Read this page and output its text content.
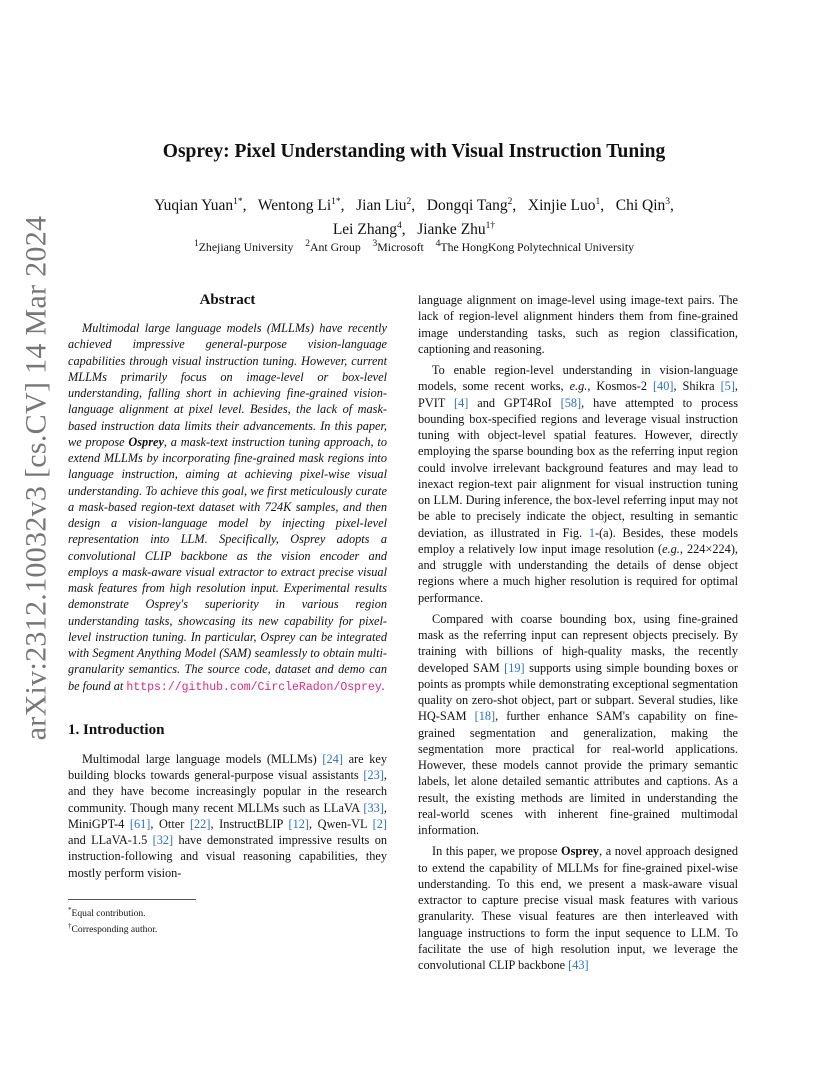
arXiv:2312.10032v3 [cs.CV] 14 Mar 2024
Osprey: Pixel Understanding with Visual Instruction Tuning
Yuqian Yuan$^{1*}$,  Wentong $Li^{1*}$,  Jian Liu$^2$,  Dongqi Tang$^2$,  Xinjie Luo$^1$,  Chi Qin$^3$,
Lei Zhang$^4$,  Jianke Zhu$^{1\dagger}$
$^1$Zhejiang University  $^2$Ant Group  $^3$Microsoft  $^4$The HongKong Polytechnical University
Abstract

Multimodal large language models (MLLMs) have recently achieved impressive general-purpose vision-language capabilities through visual instruction tuning. However, current MLLMs primarily focus on image-level or box-level understanding, falling short in achieving fine-grained vision-language alignment at pixel level. Besides, the lack of mask-based instruction data limits their advancements. In this paper, we propose Osprey, a mask-text instruction tuning approach, to extend MLLMs by incorporating fine-grained mask regions into language instruction, aiming at achieving pixel-wise visual understanding. To achieve this goal, we first meticulously curate a mask-based region-text dataset with 724K samples, and then design a vision-language model by injecting pixel-level representation into LLM. Specifically, Osprey adopts a convolutional CLIP backbone as the vision encoder and employs a mask-aware visual extractor to extract precise visual mask features from high resolution input. Experimental results demonstrate Osprey's superiority in various region understanding tasks, showcasing its new capability for pixel-level instruction tuning. In particular, Osprey can be integrated with Segment Anything Model (SAM) seamlessly to obtain multi-granularity semantics. The source code, dataset and demo can be found at https://github.com/CircleRadon/Osprey.

1. Introduction

Multimodal large language models (MLLMs) [24] are key building blocks towards general-purpose visual assistants [23], and they have become increasingly popular in the research community. Though many recent MLLMs such as LLaVA [33], MiniGPT-4 [61], Otter [22], InstructBLIP [12], Qwen-VL [2] and LLaVA-1.5 [32] have demonstrated impressive results on instruction-following and visual reasoning capabilities, they mostly perform vision-

*Equal contribution.

†Corresponding author.

language alignment on image-level using image-text pairs. The lack of region-level alignment hinders them from fine-grained image understanding tasks, such as region classification, captioning and reasoning.

To enable region-level understanding in vision-language models, some recent works, e.g., Kosmos-2 [40], Shikra [5], PVIT [4] and GPT4RoI [58], have attempted to process bounding box-specified regions and leverage visual instruction tuning with object-level spatial features. However, directly employing the sparse bounding box as the referring input region could involve irrelevant background features and may lead to inexact region-text pair alignment for visual instruction tuning on LLM. During inference, the box-level referring input may not be able to precisely indicate the object, resulting in semantic deviation, as illustrated in Fig. 1-(a). Besides, these models employ a relatively low input image resolution (e.g., 224×224), and struggle with understanding the details of dense object regions where a much higher resolution is required for optimal performance.

Compared with coarse bounding box, using fine-grained mask as the referring input can represent objects precisely. By training with billions of high-quality masks, the recently developed SAM [19] supports using simple bounding boxes or points as prompts while demonstrating exceptional segmentation quality on zero-shot object, part or subpart. Several studies, like HQ-SAM [18], further enhance SAM's capability on fine-grained segmentation and generalization, making the segmentation more practical for real-world applications. However, these models cannot provide the primary semantic labels, let alone detailed semantic attributes and captions. As a result, the existing methods are limited in understanding the real-world scenes with inherent fine-grained multimodal information.

In this paper, we propose Osprey, a novel approach designed to extend the capability of MLLMs for fine-grained pixel-wise understanding. To this end, we present a mask-aware visual extractor to capture precise visual mask features with various granularity. These visual features are then interleaved with language instructions to form the input sequence to LLM. To facilitate the use of high resolution input, we leverage the convolutional CLIP backbone [43]
